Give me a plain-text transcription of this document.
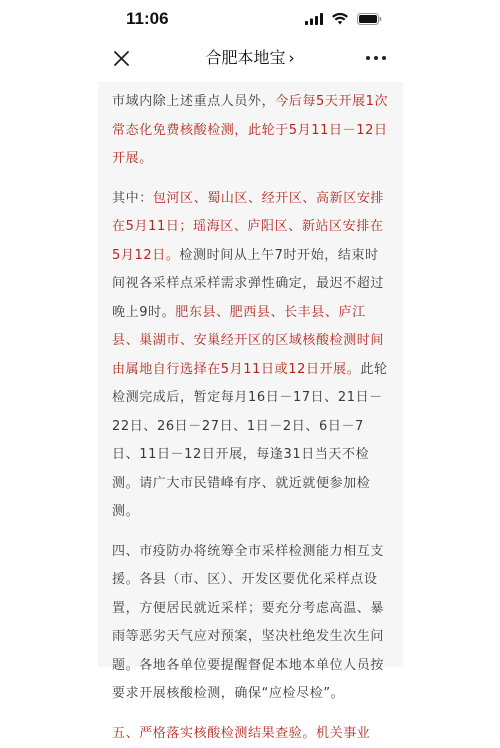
11:06
合肥本地宝 ›

市域内除上述重点人员外，今后每5天开展1次常态化免费核酸检测，此轮于5月11日－12日开展。

其中：包河区、蜀山区、经开区、高新区安排在5月11日；瑶海区、庐阳区、新站区安排在5月12日。检测时间从上午7时开始，结束时间视各采样点采样需求弹性确定，最迟不超过晚上9时。肥东县、肥西县、长丰县、庐江县、巢湖市、安巢经开区的区域核酸检测时间由属地自行选择在5月11日或12日开展。此轮检测完成后，暂定每月16日－17日、21日－22日、26日－27日、1日－2日、6日－7日、11日－12日开展，每逢31日当天不检测。请广大市民错峰有序、就近就便参加检测。

四、市疫防办将统筹全市采样检测能力相互支援。各县（市、区）、开发区要优化采样点设置，方便居民就近采样；要充分考虑高温、暴雨等恶劣天气应对预案，坚决杜绝发生次生问题。各地各单位要提醒督促本地本单位人员按要求开展核酸检测，确保“应检尽检”。

五、严格落实核酸检测结果查验。机关事业
